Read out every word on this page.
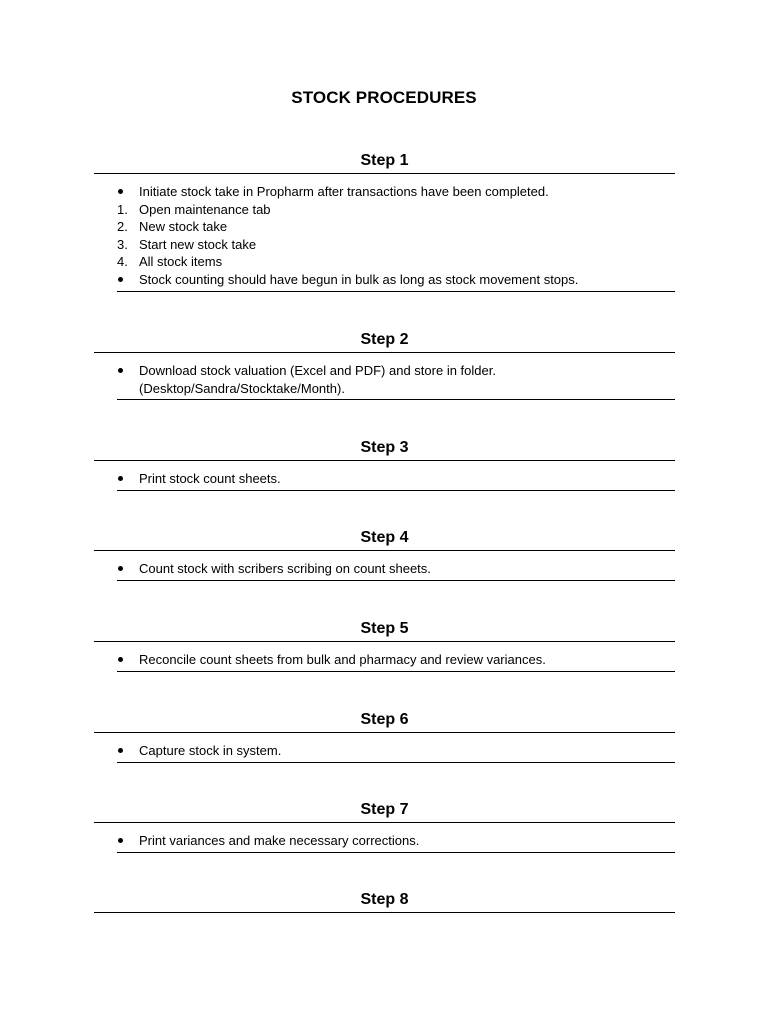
STOCK PROCEDURES
Step 1
Initiate stock take in Propharm after transactions have been completed.
1. Open maintenance tab
2. New stock take
3. Start new stock take
4. All stock items
Stock counting should have begun in bulk as long as stock movement stops.
Step 2
Download stock valuation (Excel and PDF) and store in folder.
(Desktop/Sandra/Stocktake/Month).
Step 3
Print stock count sheets.
Step 4
Count stock with scribers scribing on count sheets.
Step 5
Reconcile count sheets from bulk and pharmacy and review variances.
Step 6
Capture stock in system.
Step 7
Print variances and make necessary corrections.
Step 8
